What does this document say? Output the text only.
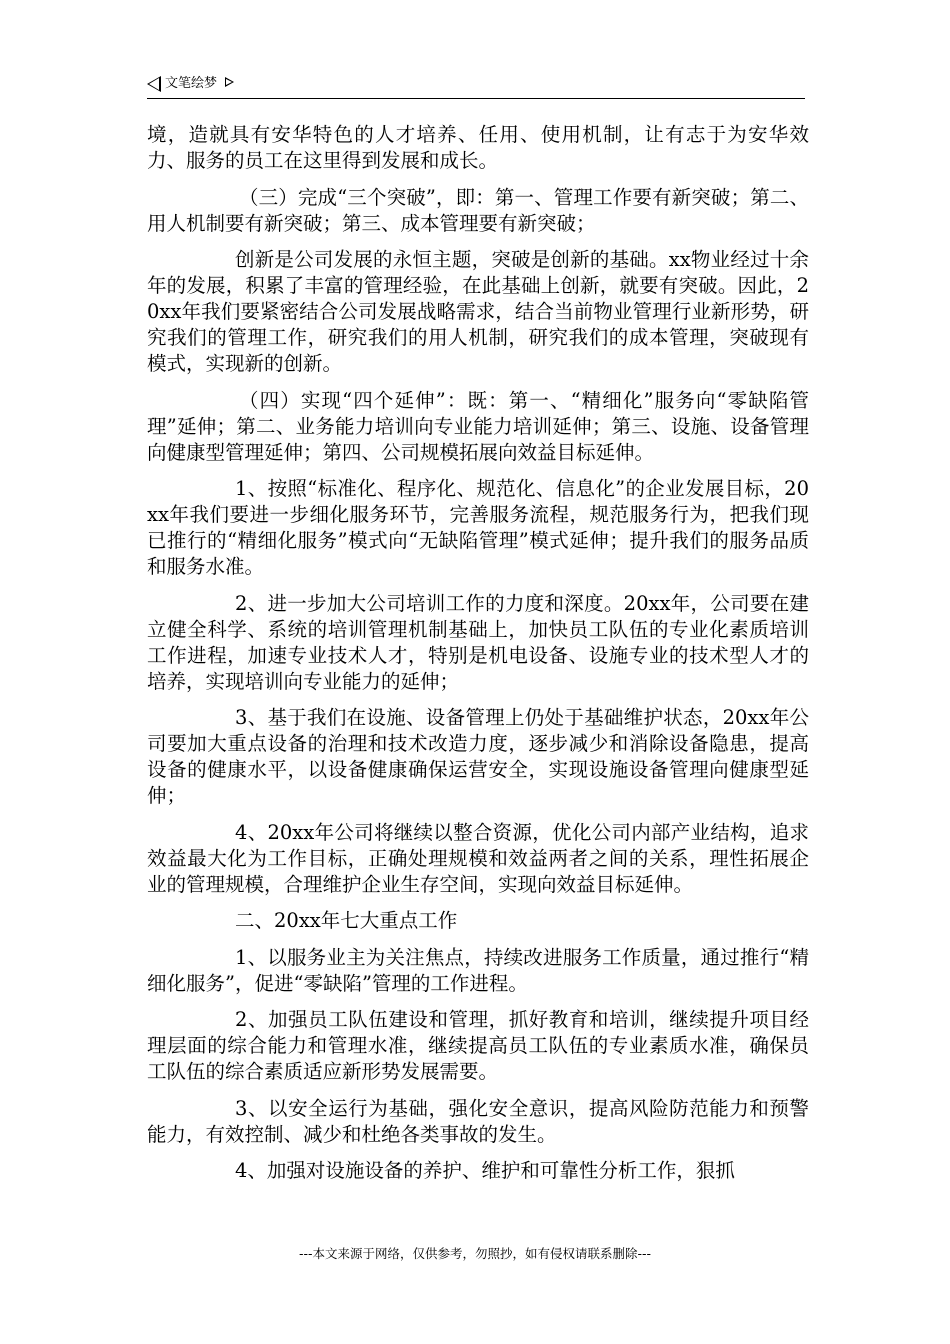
文笔绘梦

境，造就具有安华特色的人才培养、任用、使用机制，让有志于为安华效力、服务的员工在这里得到发展和成长。

（三）完成“三个突破”，即：第一、管理工作要有新突破；第二、用人机制要有新突破；第三、成本管理要有新突破；

创新是公司发展的永恒主题，突破是创新的基础。xx物业经过十余年的发展，积累了丰富的管理经验，在此基础上创新，就要有突破。因此，20xx年我们要紧密结合公司发展战略需求，结合当前物业管理行业新形势，研究我们的管理工作，研究我们的用人机制，研究我们的成本管理，突破现有模式，实现新的创新。

（四）实现“四个延伸”：既：第一、“精细化”服务向“零缺陷管理”延伸；第二、业务能力培训向专业能力培训延伸；第三、设施、设备管理向健康型管理延伸；第四、公司规模拓展向效益目标延伸。

1、按照“标准化、程序化、规范化、信息化”的企业发展目标，20xx年我们要进一步细化服务环节，完善服务流程，规范服务行为，把我们现已推行的“精细化服务”模式向“无缺陷管理”模式延伸；提升我们的服务品质和服务水准。

2、进一步加大公司培训工作的力度和深度。20xx年，公司要在建立健全科学、系统的培训管理机制基础上，加快员工队伍的专业化素质培训工作进程，加速专业技术人才，特别是机电设备、设施专业的技术型人才的培养，实现培训向专业能力的延伸；

3、基于我们在设施、设备管理上仍处于基础维护状态，20xx年公司要加大重点设备的治理和技术改造力度，逐步减少和消除设备隐患，提高设备的健康水平，以设备健康确保运营安全，实现设施设备管理向健康型延伸；

4、20xx年公司将继续以整合资源，优化公司内部产业结构，追求效益最大化为工作目标，正确处理规模和效益两者之间的关系，理性拓展企业的管理规模，合理维护企业生存空间，实现向效益目标延伸。

二、20xx年七大重点工作

1、以服务业主为关注焦点，持续改进服务工作质量，通过推行“精细化服务”，促进“零缺陷”管理的工作进程。

2、加强员工队伍建设和管理，抓好教育和培训，继续提升项目经理层面的综合能力和管理水准，继续提高员工队伍的专业素质水准，确保员工队伍的综合素质适应新形势发展需要。

3、以安全运行为基础，强化安全意识，提高风险防范能力和预警能力，有效控制、减少和杜绝各类事故的发生。

4、加强对设施设备的养护、维护和可靠性分析工作，狠抓

---本文来源于网络，仅供参考，勿照抄，如有侵权请联系删除---
